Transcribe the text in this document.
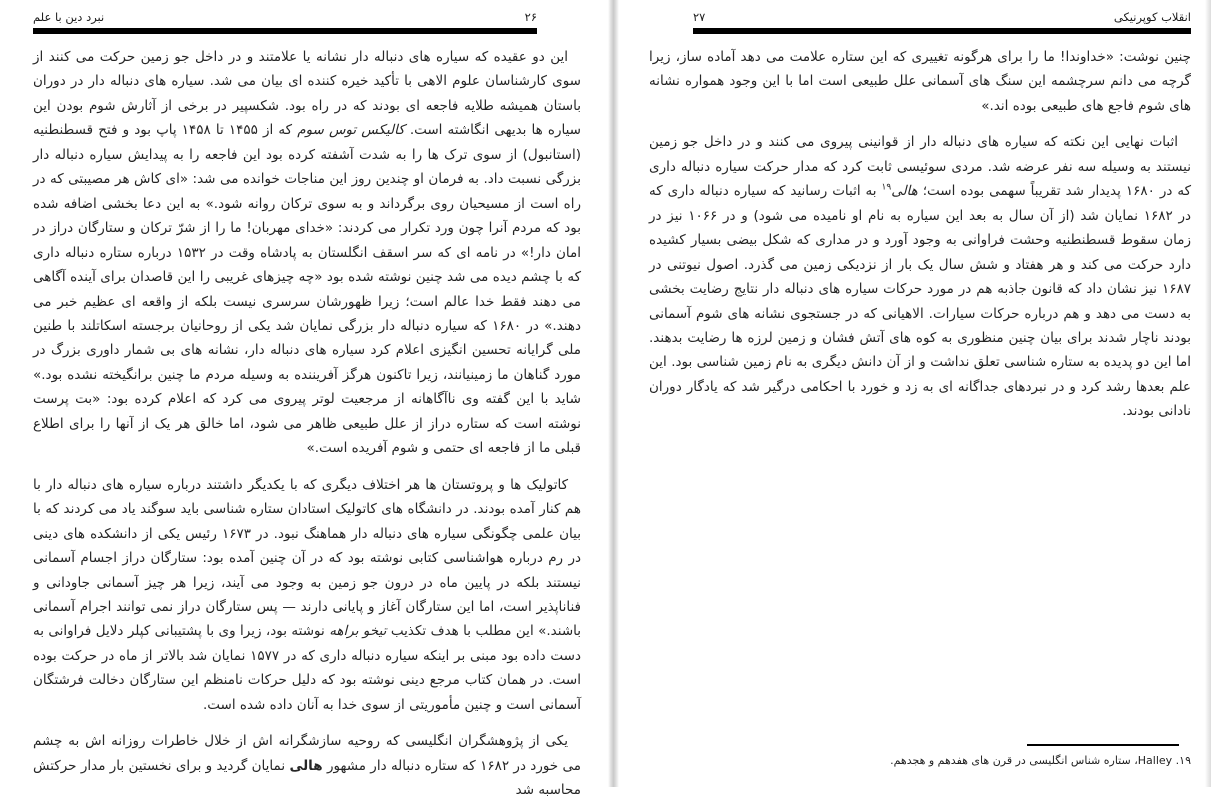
نبرد دین با علم	۲۶

این دو عقیده که سیاره های دنباله دار نشانه یا علامتند و در داخل جو زمین حرکت می کنند از سوی کارشناسان علوم الاهی با تأکید خیره کننده ای بیان می شد. سیاره های دنباله دار در دوران باستان همیشه طلایه فاجعه ای بودند که در راه بود. شکسپیر در برخی از آثارش شوم بودن این سیاره ها بدیهی انگاشته است. کالیکس توس سوم که از ۱۴۵۵ تا ۱۴۵۸ پاپ بود و فتح قسطنطنیه (استانبول) از سوی ترک ها را به شدت آشفته کرده بود این فاجعه را به پیدایش سیاره دنباله دار بزرگی نسبت داد. به فرمان او چندین روز این مناجات خوانده می شد: «ای کاش هر مصیبتی که در راه است از مسیحیان روی برگرداند و به سوی ترکان روانه شود.» به این دعا بخشی اضافه شده بود که مردم آنرا چون ورد تکرار می کردند: «خدای مهربان! ما را از شرّ ترکان و ستارگان دراز در امان دار!» در نامه ای که سر اسقف انگلستان به پادشاه وقت در ۱۵۳۲ درباره ستاره دنباله داری که با چشم دیده می شد چنین نوشته شده بود «چه چیزهای غریبی را این قاصدان برای آینده آگاهی می دهند فقط خدا عالم است؛ زیرا ظهورشان سرسری نیست بلکه از واقعه ای عظیم خبر می دهند.» در ۱۶۸۰ که سیاره دنباله دار بزرگی نمایان شد یکی از روحانیان برجسته اسکاتلند با طنین ملی گرایانه تحسین انگیزی اعلام کرد سیاره های دنباله دار، نشانه های بی شمار داوری بزرگ در مورد گناهان ما زمینیانند، زیرا تاکنون هرگز آفریننده به وسیله مردم ما چنین برانگیخته نشده بود.» شاید با این گفته وی ناآگاهانه از مرجعیت لوتر پیروی می کرد که اعلام کرده بود: «بت پرست نوشته است که ستاره دراز از علل طبیعی ظاهر می شود، اما خالق هر یک از آنها را برای اطلاع قبلی ما از فاجعه ای حتمی و شوم آفریده است.»

کاتولیک ها و پروتستان ها هر اختلاف دیگری که با یکدیگر داشتند درباره سیاره های دنباله دار با هم کنار آمده بودند. در دانشگاه های کاتولیک استادان ستاره شناسی باید سوگند یاد می کردند که با بیان علمی چگونگی سیاره های دنباله دار هماهنگ نبود. در ۱۶۷۳ رئیس یکی از دانشکده های دینی در رم درباره هواشناسی کتابی نوشته بود که در آن چنین آمده بود: ستارگان دراز اجسام آسمانی نیستند بلکه در پایین ماه در درون جو زمین به وجود می آیند، زیرا هر چیز آسمانی جاودانی و فناناپذیر است، اما این ستارگان آغاز و پایانی دارند — پس ستارگان دراز نمی توانند اجرام آسمانی باشند.» این مطلب با هدف تکذیب تیخو براهه نوشته بود، زیرا وی با پشتیبانی کپلر دلایل فراوانی به دست داده بود مبنی بر اینکه سیاره دنباله داری که در ۱۵۷۷ نمایان شد بالاتر از ماه در حرکت بوده است. در همان کتاب مرجع دینی نوشته بود که دلیل حرکات نامنظم این ستارگان دخالت فرشتگان آسمانی است و چنین مأموریتی از سوی خدا به آنان داده شده است.

یکی از پژوهشگران انگلیسی که روحیه سازشگرانه اش از خلال خاطرات روزانه اش به چشم می خورد در ۱۶۸۲ که ستاره دنباله دار مشهور هالی نمایان گردید و برای نخستین بار مدار حرکتش محاسبه شد

۲۷	انقلاب کوپرنیکی

چنین نوشت: «خداوندا! ما را برای هرگونه تغییری که این ستاره علامت می دهد آماده ساز، زیرا گرچه می دانم سرچشمه این سنگ های آسمانی علل طبیعی است اما با این وجود همواره نشانه های شوم فاجع های طبیعی بوده اند.»

اثبات نهایی این نکته که سیاره های دنباله دار از قوانینی پیروی می کنند و در داخل جو زمین نیستند به وسیله سه نفر عرضه شد. مردی سوئیسی ثابت کرد که مدار حرکت سیاره دنباله داری که در ۱۶۸۰ پدیدار شد تقریباً سهمی بوده است؛ هالی$^{۱۹}$ به اثبات رسانید که سیاره دنباله داری که در ۱۶۸۲ نمایان شد (از آن سال به بعد این سیاره به نام او نامیده می شود) و در ۱۰۶۶ نیز در زمان سقوط قسطنطنیه وحشت فراوانی به وجود آورد و در مداری که شکل بیضی بسیار کشیده دارد حرکت می کند و هر هفتاد و شش سال یک بار از نزدیکی زمین می گذرد. اصول نیوتنی در ۱۶۸۷ نیز نشان داد که قانون جاذبه هم در مورد حرکات سیاره های دنباله دار نتایج رضایت بخشی به دست می دهد و هم درباره حرکات سیارات. الاهیانی که در جستجوی نشانه های شوم آسمانی بودند ناچار شدند برای بیان چنین منظوری به کوه های آتش فشان و زمین لرزه ها رضایت بدهند. اما این دو پدیده به ستاره شناسی تعلق نداشت و از آن دانش دیگری به نام زمین شناسی بود. این علم بعدها رشد کرد و در نبردهای جداگانه ای به زد و خورد با احکامی درگیر شد که یادگار دوران نادانی بودند.

۱۹. Halley، ستاره شناس انگلیسی در قرن های هفدهم و هجدهم.
